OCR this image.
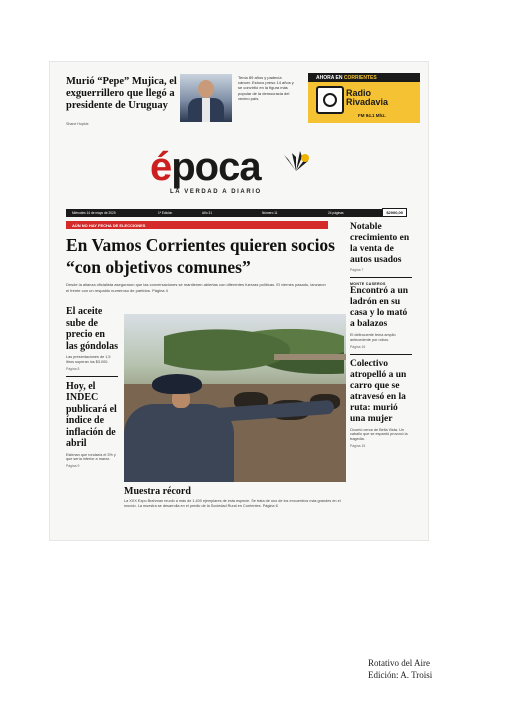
Murió “Pepe” Mujica, el exguerrillero que llegó a presidente de Uruguay
Shane Hopkie
Tenía 89 años y padecía cáncer. Estuvo preso 14 años y se convirtió en la figura más popular de la democracia del vecino país.
AHORA EN CORRIENTES
Radio Rivadavia
FM 94.1 Mhz.
época
LA VERDAD A DIARIO
Miércoles 14 de mayo de 2025	1ª Edición	Año 31	Número 11	24 páginas	$2000,00
AÚN NO HAY FECHA DE ELECCIONES
En Vamos Corrientes quieren socios “con objetivos comunes”
Desde la alianza oficialista aseguraron que las conversaciones se mantienen abiertas con diferentes fuerzas políticas. El viernes pasado, lanzaron el frente con un respaldo numeroso de partidos. Página 4
El aceite sube de precio en las góndolas
Las presentaciones de 1,5 litros superan los $3.000.
Página 8
Hoy, el INDEC publicará el índice de inflación de abril
Estiman que rondaría el 3% y que sería inferior a marzo.
Página 9
Muestra récord
La XXX Expo Brahman reunió a más de 1.400 ejemplares de esta especie. Se trata de uno de los encuentros más grandes en el mundo. La muestra se desarrolla en el predio de la Sociedad Rural en Corrientes. Página 6
Notable crecimiento en la venta de autos usados
Página 7
MONTE CASEROS
Encontró a un ladrón en su casa y lo mató a balazos
El delincuente tenía amplio antecedente por robos.
Página 16
Colectivo atropelló a un carro que se atravesó en la ruta: murió una mujer
Ocurrió cerca de Bella Vista. Un caballo que se espantó provocó la tragedia.
Página 15
Rotativo del Aire
Edición: A. Troisi
